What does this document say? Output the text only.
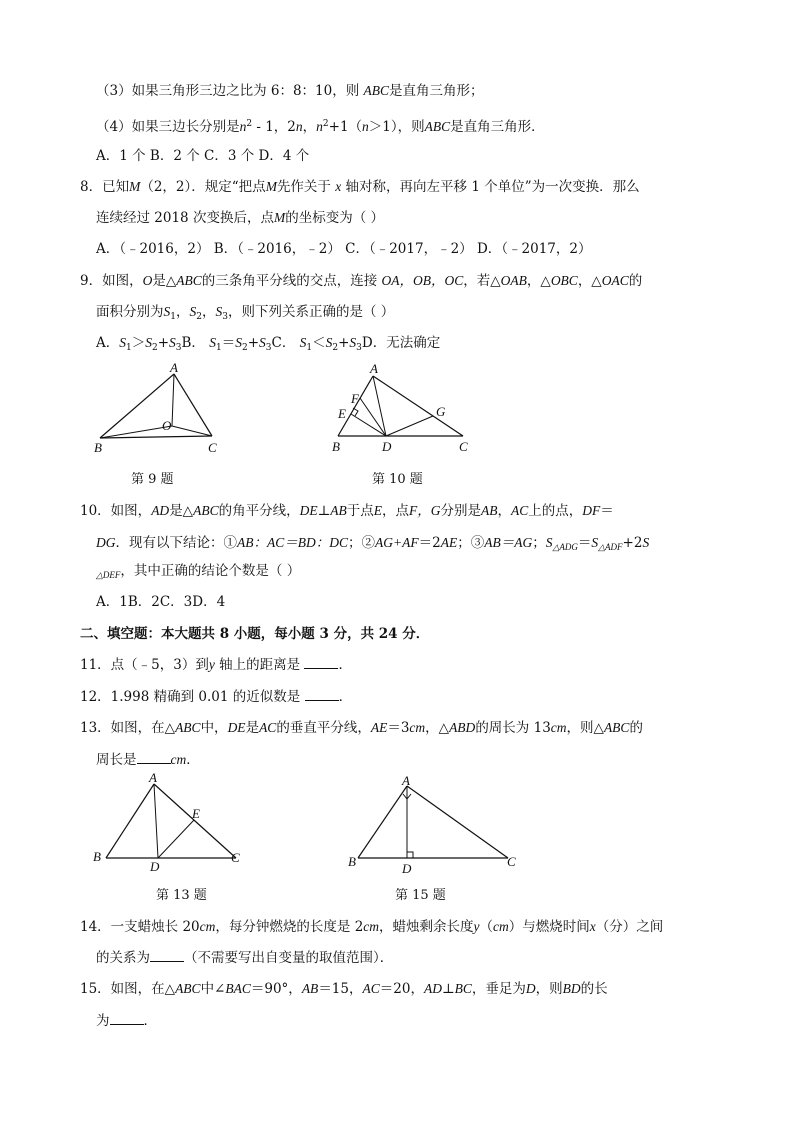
（3）如果三角形三边之比为 6：8：10，则 ABC是直角三角形；
（4）如果三边长分别是$n^2 - 1$，2n，$n^2+1(n>1)$，则ABC是直角三角形．
A．1 个 B．2 个 C．3 个 D．4 个
8．已知M（2，2）．规定“把点M先作关于 x 轴对称，再向左平移 1 个单位”为一次变换．那么
连续经过 2018 次变换后，点M的坐标变为（ ）
A．（﹣2016，2） B．（﹣2016，﹣2） C．（﹣2017，﹣2） D．（﹣2017，2）
9．如图，O是△ABC的三条角平分线的交点，连接 OA，OB，OC，若△OAB，△OBC，△OAC的
面积分别为$S_1$，$S_2$，$S_3$，则下列关系正确的是（ ）
A．$S_1>S_2+S_3B$． $S_1=S_2+S_3C$． $S_1<S_2+S_3D$．无法确定
A
B	C
O
第 9 题
A
F
E	G
B	D	C
第 10 题
10．如图，AD是△ABC的角平分线，DE⊥AB于点E，点F，G分别是AB，AC上的点，DF＝
DG．现有以下结论：①AB：AC＝BD：DC；②AG+AF＝2AE；③AB＝AG；$S_{\triangle ADG}=S_{\triangle ADF}+2S$
$_{\triangle DEF}$，其中正确的结论个数是（ ）
A．1B．2C．3D．4
二、填空题：本大题共 8 小题，每小题 3 分，共 24 分．
11．点（﹣5，3）到y 轴上的距离是	．
12．1.998 精确到 0.01 的近似数是	．
13．如图，在△ABC中，DE是AC的垂直平分线，AE＝3cm，△ABD的周长为 13cm，则△ABC的
周长是	cm．
A
E
B
D
C
第 13 题
A
B	D	C
第 15 题
14．一支蜡烛长 20cm，每分钟燃烧的长度是 2cm，蜡烛剩余长度y（cm）与燃烧时间x（分）之间
的关系为	（不需要写出自变量的取值范围）．
15．如图，在△ABC中∠BAC＝90°，AB＝15，AC＝20，AD⊥BC，垂足为D，则BD的长
为	．
